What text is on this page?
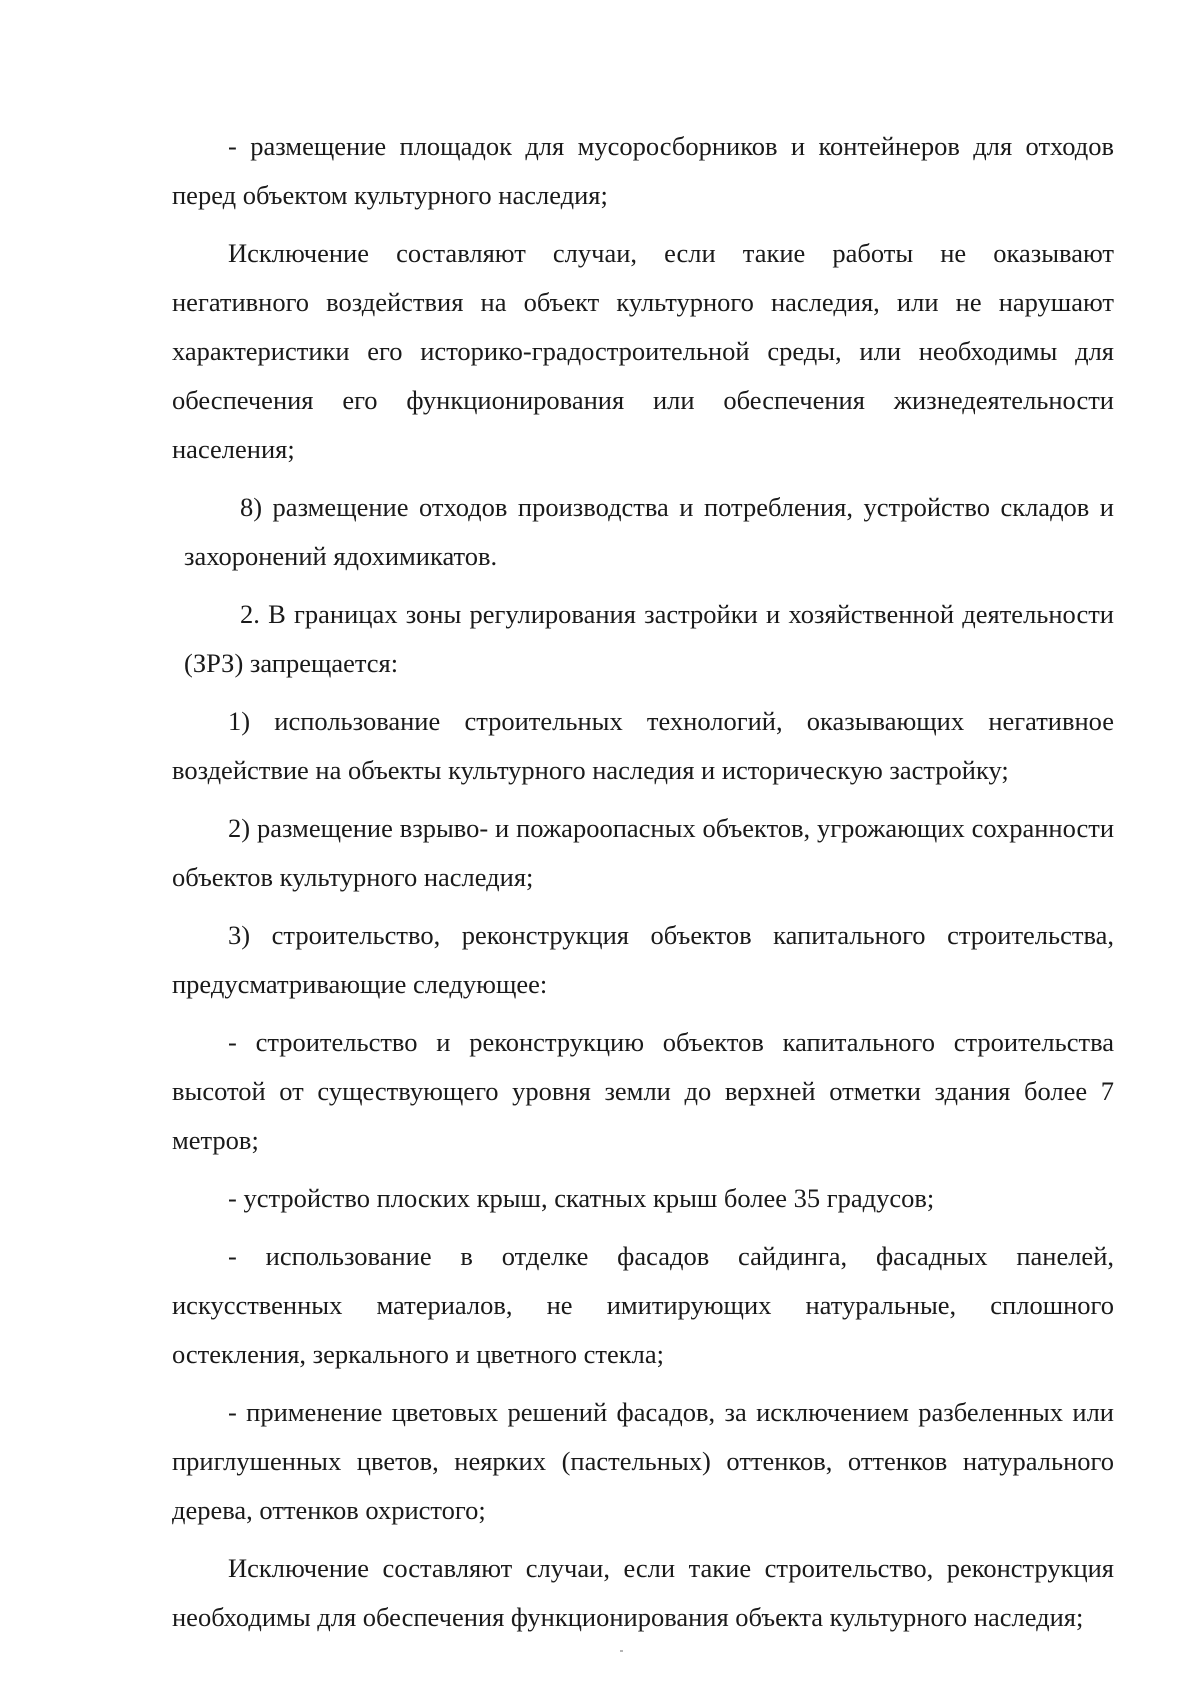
- размещение площадок для мусоросборников и контейнеров для отходов перед объектом культурного наследия;

Исключение составляют случаи, если такие работы не оказывают негативного воздействия на объект культурного наследия, или не нарушают характеристики его историко-градостроительной среды, или необходимы для обеспечения его функционирования или обеспечения жизнедеятельности населения;

8) размещение отходов производства и потребления, устройство складов и захоронений ядохимикатов.

2. В границах зоны регулирования застройки и хозяйственной деятельности (ЗРЗ) запрещается:

1) использование строительных технологий, оказывающих негативное воздействие на объекты культурного наследия и историческую застройку;

2) размещение взрыво- и пожароопасных объектов, угрожающих сохранности объектов культурного наследия;

3) строительство, реконструкция объектов капитального строительства, предусматривающие следующее:

- строительство и реконструкцию объектов капитального строительства высотой от существующего уровня земли до верхней отметки здания более 7 метров;

- устройство плоских крыш, скатных крыш более 35 градусов;

- использование в отделке фасадов сайдинга, фасадных панелей, искусственных материалов, не имитирующих натуральные, сплошного остекления, зеркального и цветного стекла;

- применение цветовых решений фасадов, за исключением разбеленных или приглушенных цветов, неярких (пастельных) оттенков, оттенков натурального дерева, оттенков охристого;

Исключение составляют случаи, если такие строительство, реконструкция необходимы для обеспечения функционирования объекта культурного наследия;
